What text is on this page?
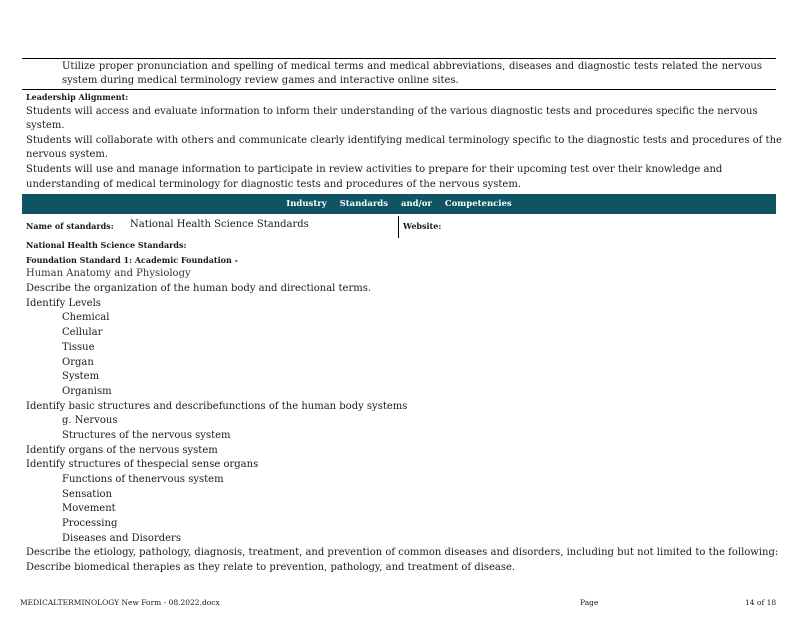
Utilize proper pronunciation and spelling of medical terms and medical abbreviations, diseases and diagnostic tests related the nervous system during medical terminology review games and interactive online sites.
Leadership Alignment:
Students will access and evaluate information to inform their understanding of the various diagnostic tests and procedures specific the nervous
system.
Students will collaborate with others and communicate clearly identifying medical terminology specific to the diagnostic tests and procedures of the
nervous system.
Students will use and manage information to participate in review activities to prepare for their upcoming test over their knowledge and
understanding of medical terminology for diagnostic tests and procedures of the nervous system.
Industry Standards and/or Competencies
Name of standards: National Health Science Standards	Website:
National Health Science Standards:
Foundation Standard 1: Academic Foundation -
Human Anatomy and Physiology
Describe the organization of the human body and directional terms.
Identify Levels
Chemical
Cellular
Tissue
Organ
System
Organism
Identify basic structures and describefunctions of the human body systems
g. Nervous
Structures of the nervous system
Identify organs of the nervous system
Identify structures of thespecial sense organs
Functions of thenervous system
Sensation
Movement
Processing
Diseases and Disorders
Describe the etiology, pathology, diagnosis, treatment, and prevention of common diseases and disorders, including but not limited to the following:
Describe biomedical therapies as they relate to prevention, pathology, and treatment of disease.
MEDICALTERMINOLOGY New Form - 08.2022.docx	Page	14 of 18
